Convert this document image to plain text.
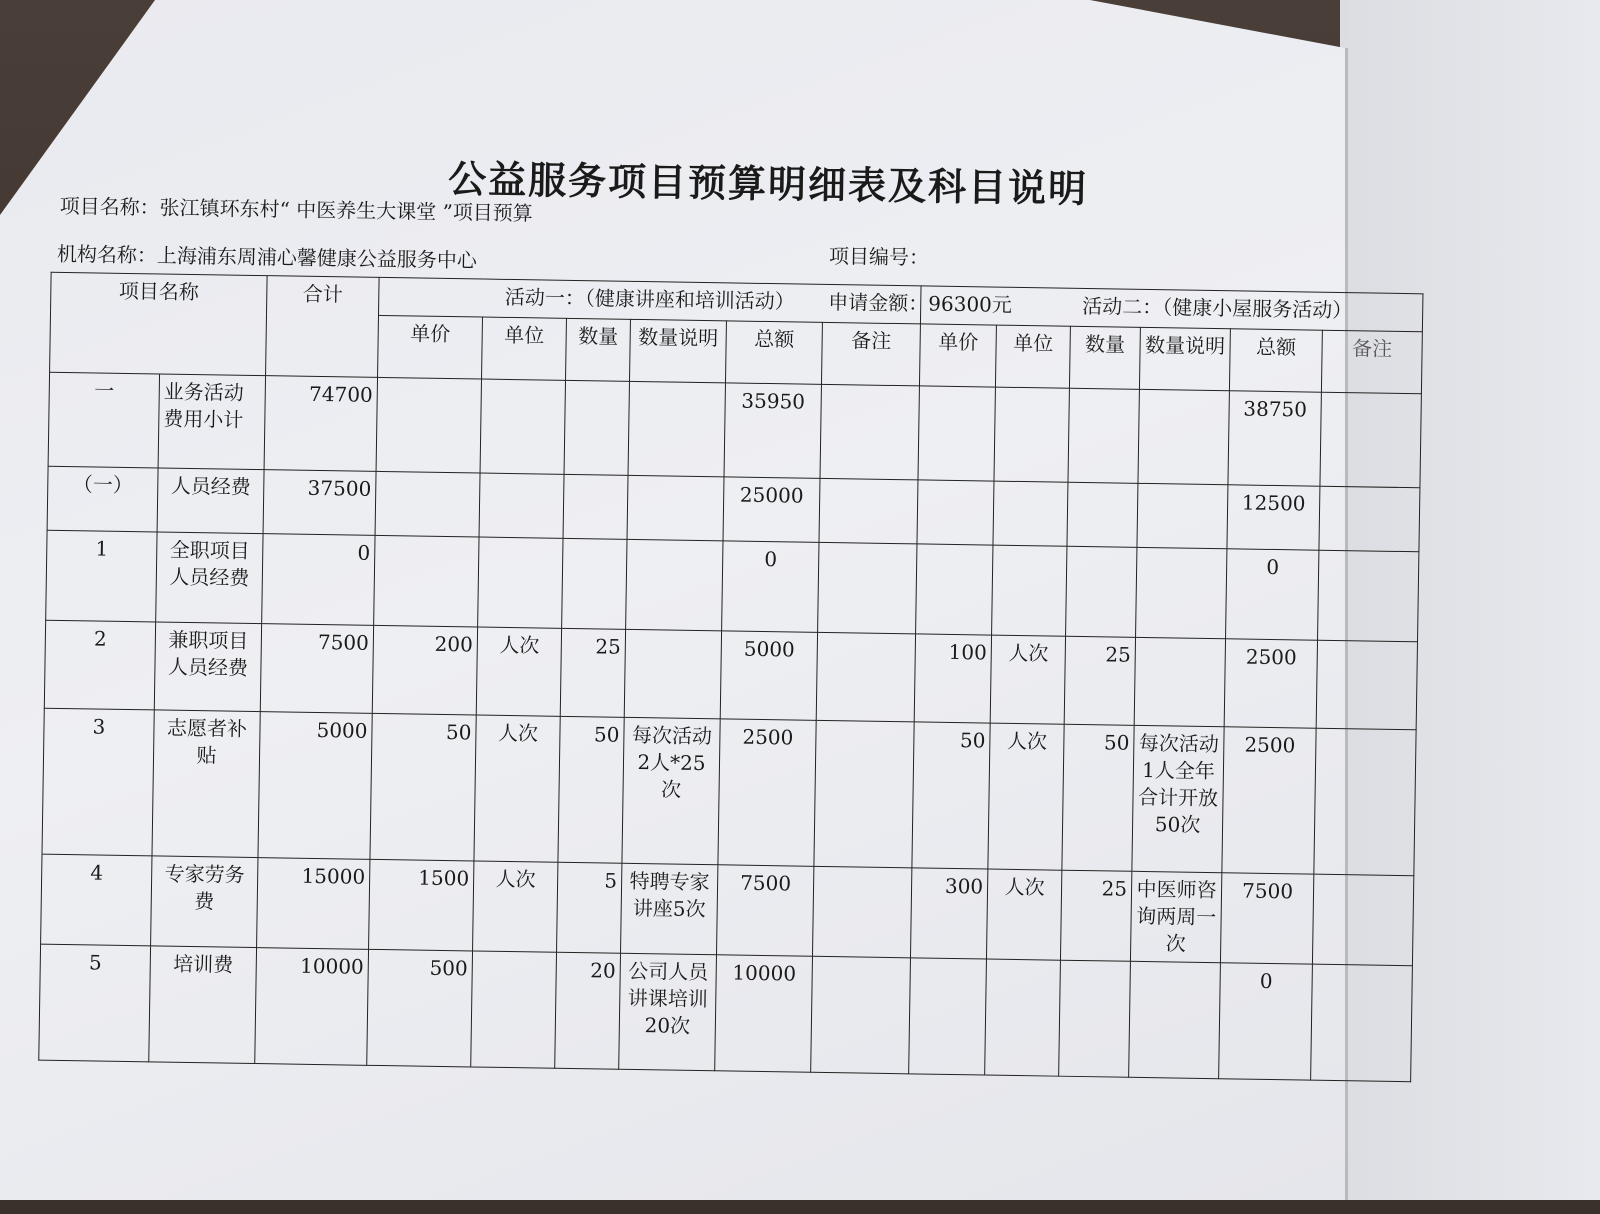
公益服务项目预算明细表及科目说明
项目名称：张江镇环东村“ 中医养生大课堂 ”项目预算
机构名称：上海浦东周浦心馨健康公益服务中心	项目编号：
申请金额：96300元
项目名称		合计	活动一：（健康讲座和培训活动）						活动二：（健康小屋服务活动）					
			单价	单位	数量	数量说明	总额	备注	单价	单位	数量	数量说明	总额	备注
一	业务活动费用小计	74700					35950						38750	
（一）	人员经费	37500					25000						12500	
1	全职项目人员经费	0					0						0	
2	兼职项目人员经费	7500	200	人次	25		5000		100	人次	25		2500	
3	志愿者补贴	5000	50	人次	50	每次活动2人*25次	2500		50	人次	50	每次活动1人全年合计开放50次	2500	
4	专家劳务费	15000	1500	人次	5	特聘专家讲座5次	7500		300	人次	25	中医师咨询两周一次	7500	
5	培训费	10000	500		20	公司人员讲课培训20次	10000						0	
